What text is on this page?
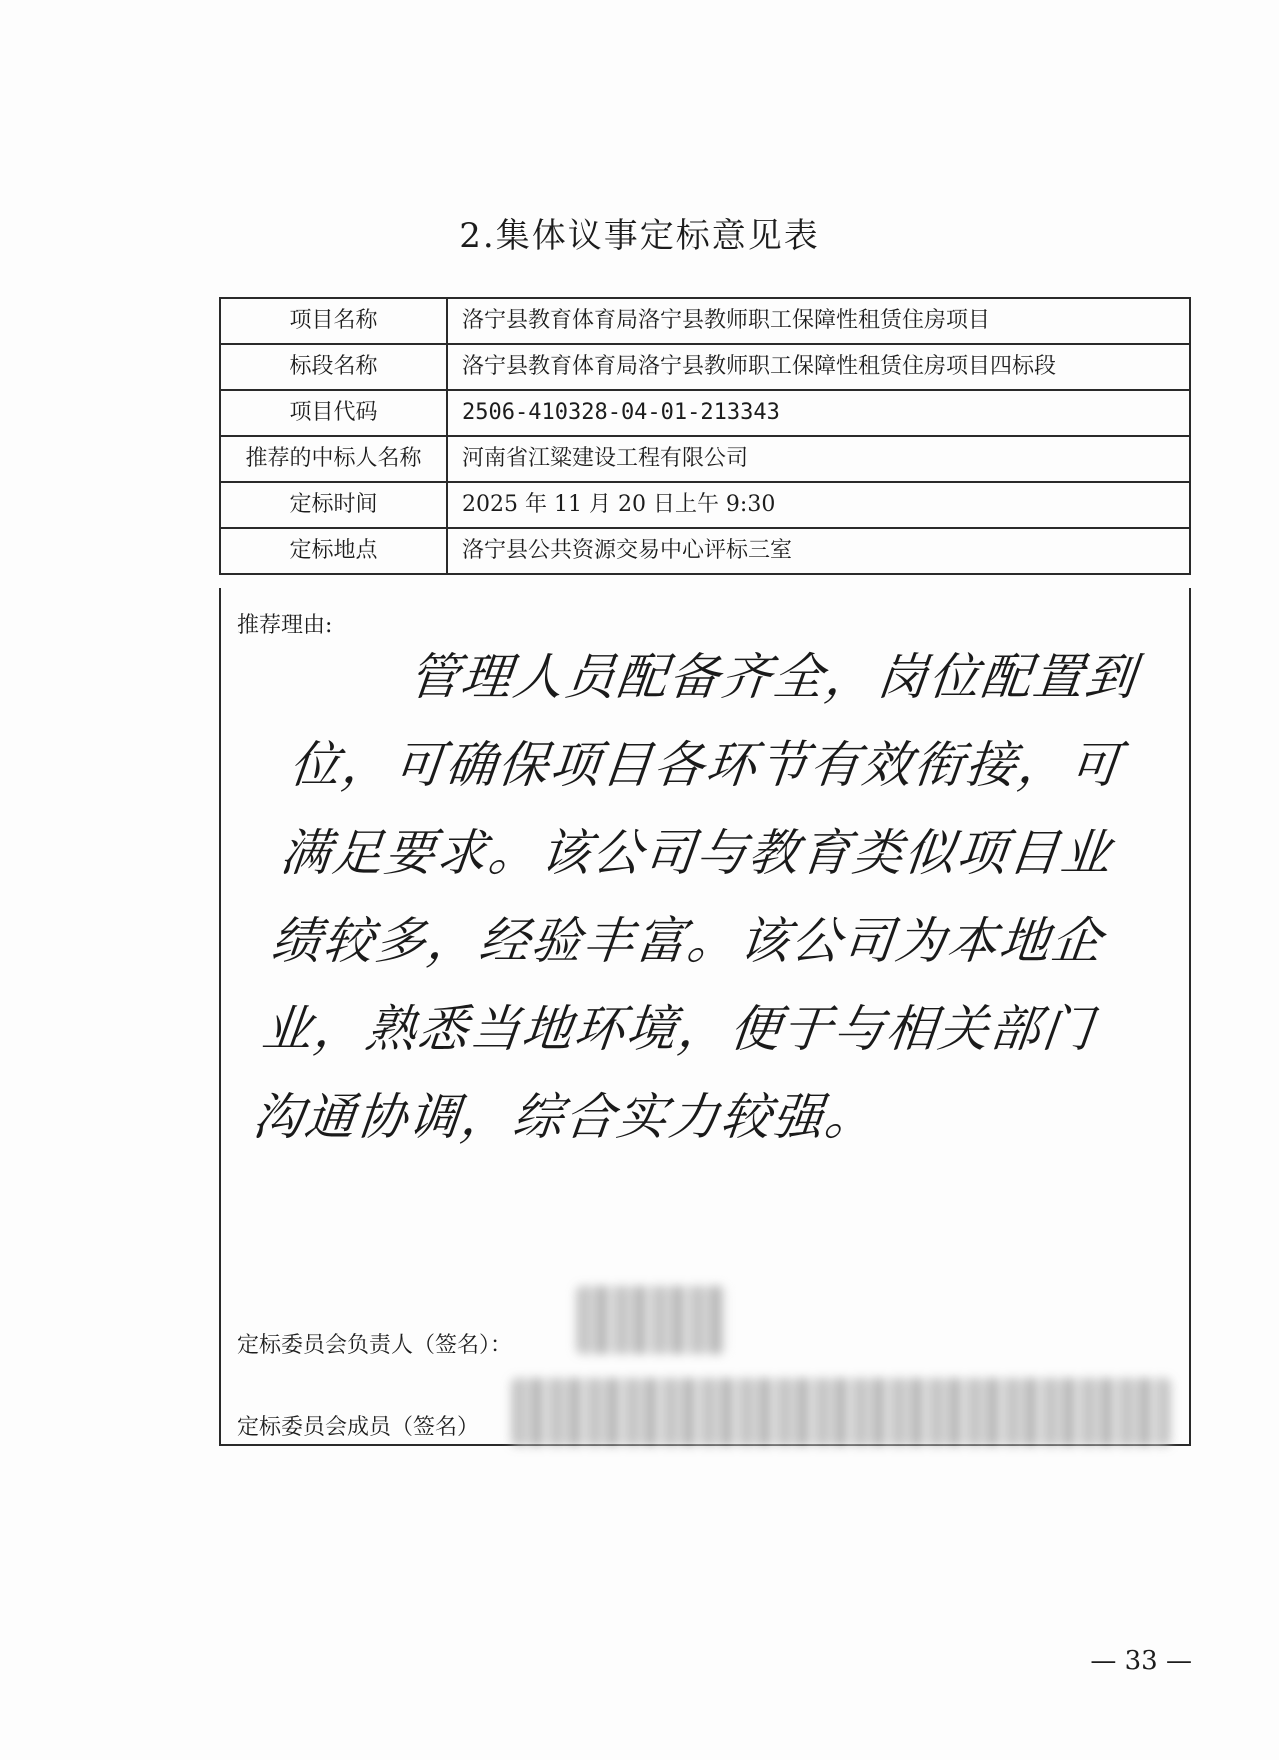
2.集体议事定标意见表
项目名称	洛宁县教育体育局洛宁县教师职工保障性租赁住房项目
标段名称	洛宁县教育体育局洛宁县教师职工保障性租赁住房项目四标段
项目代码	2506-410328-04-01-213343
推荐的中标人名称	河南省江粱建设工程有限公司
定标时间	2025 年 11 月 20 日上午 9:30
定标地点	洛宁县公共资源交易中心评标三室
推荐理由:
管理人员配备齐全，岗位配置到位，可确保项目各环节有效衔接，可满足要求。该公司与教育类似项目业绩较多，经验丰富。该公司为本地企业，熟悉当地环境，便于与相关部门沟通协调，综合实力较强。
定标委员会负责人（签名）：
定标委员会成员（签名）
— 33 —
